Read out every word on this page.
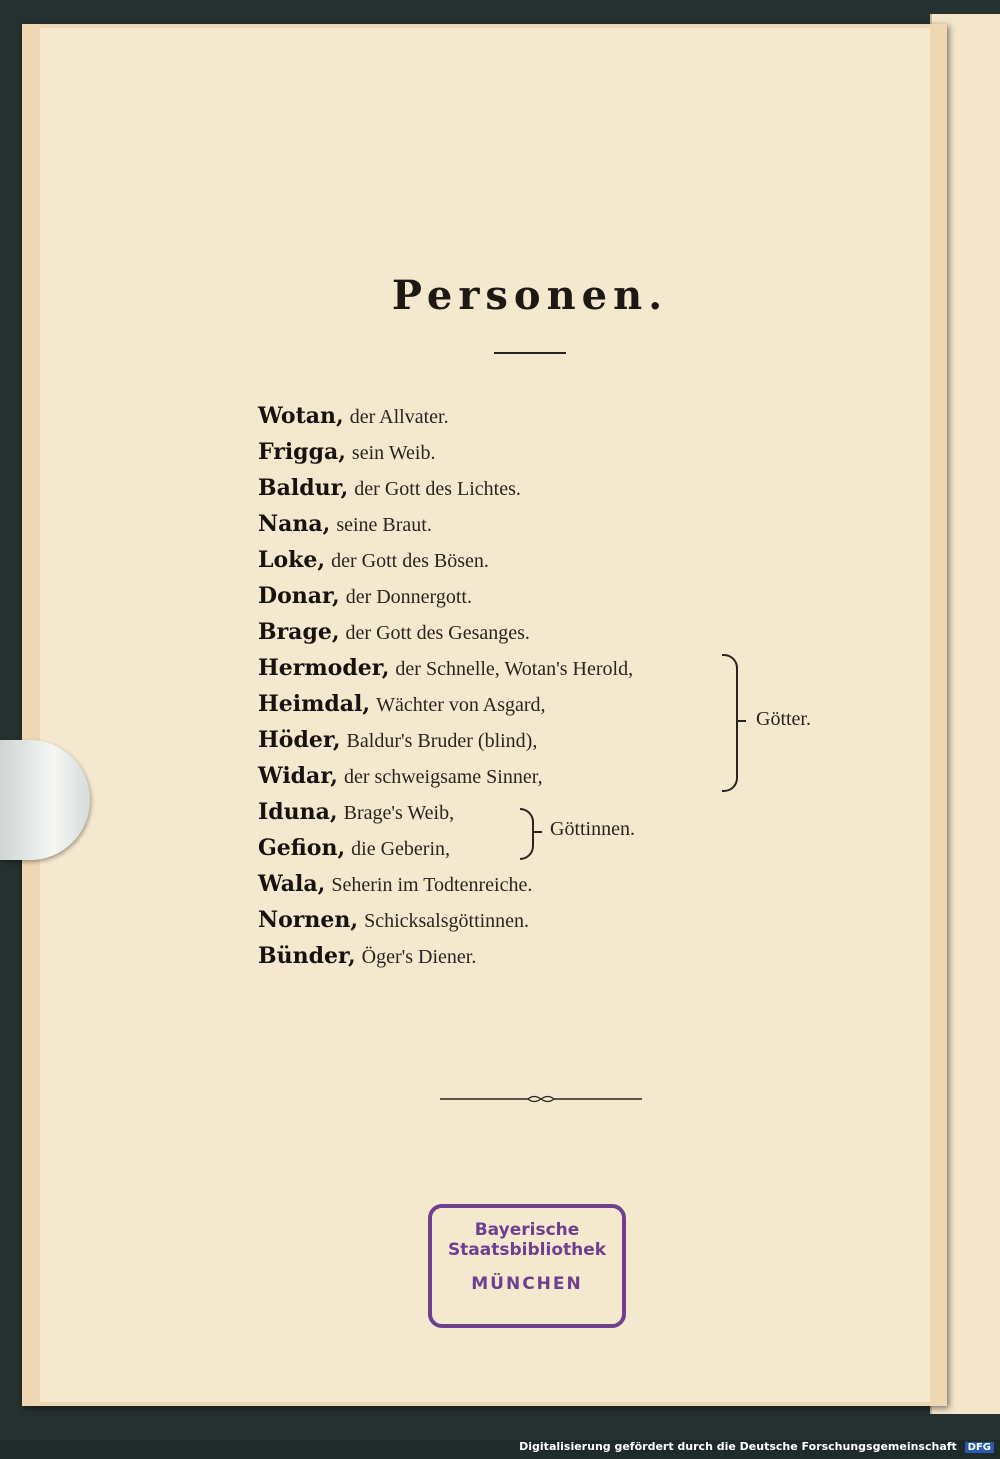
Personen.
Wotan, der Allvater.
Frigga, sein Weib.
Baldur, der Gott des Lichtes.
Nana, seine Braut.
Loke, der Gott des Bösen.
Donar, der Donnergott.
Brage, der Gott des Gesanges.
Hermoder, der Schnelle, Wotan's Herold,
Heimdal, Wächter von Asgard,
Höder, Baldur's Bruder (blind),
Widar, der schweigsame Sinner,
Iduna, Brage's Weib,
Gefion, die Geberin,
Wala, Seherin im Todtenreiche.
Nornen, Schicksalsgöttinnen.
Bünder, Öger's Diener.
Götter.
Göttinnen.
Bayerische
Staatsbibliothek
MÜNCHEN
Digitalisierung gefördert durch die Deutsche Forschungsgemeinschaft DFG
